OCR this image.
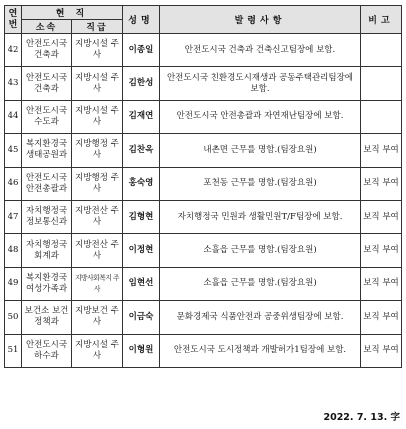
연번	현 직		성명	발령사항	비고
	소속	직급			
42	안전도시국 건축과	지방시설 주사	이종일	안전도시국 건축과 건축신고팀장에 보함.	
43	안전도시국 건축과	지방시설 주사	김한성	안전도시국 친환경도시재생과 공동주택관리팀장에 보함.	
44	안전도시국 수도과	지방시설 주사	김재연	안전도시국 안전총괄과 자연재난팀장에 보함.	
45	복지환경국 생태공원과	지방행정 주사	김찬옥	내촌면 근무를 명함.(팀장요원)	보직 부여
46	안전도시국 안전총괄과	지방행정 주사	홍숙영	포천동 근무를 명함.(팀장요원)	보직 부여
47	자치행정국 정보통신과	지방전산 주사	김형현	자치행정국 민원과 생활민원T/F팀장에 보함.	보직 부여
48	자치행정국 회계과	지방전산 주사	이정현	소흘읍 근무를 명함.(팀장요원)	보직 부여
49	복지환경국 여성가족과	지방사회복지 주사	임현선	소흘읍 근무를 명함.(팀장요원)	보직 부여
50	보건소 보건정책과	지방보건 주사	이금숙	문화경제국 식품안전과 공중위생팀장에 보함.	보직 부여
51	안전도시국 하수과	지방시설 주사	이형원	안전도시국 도시정책과 개발허가1팀장에 보함.	보직 부여
2022. 7. 13. 字
